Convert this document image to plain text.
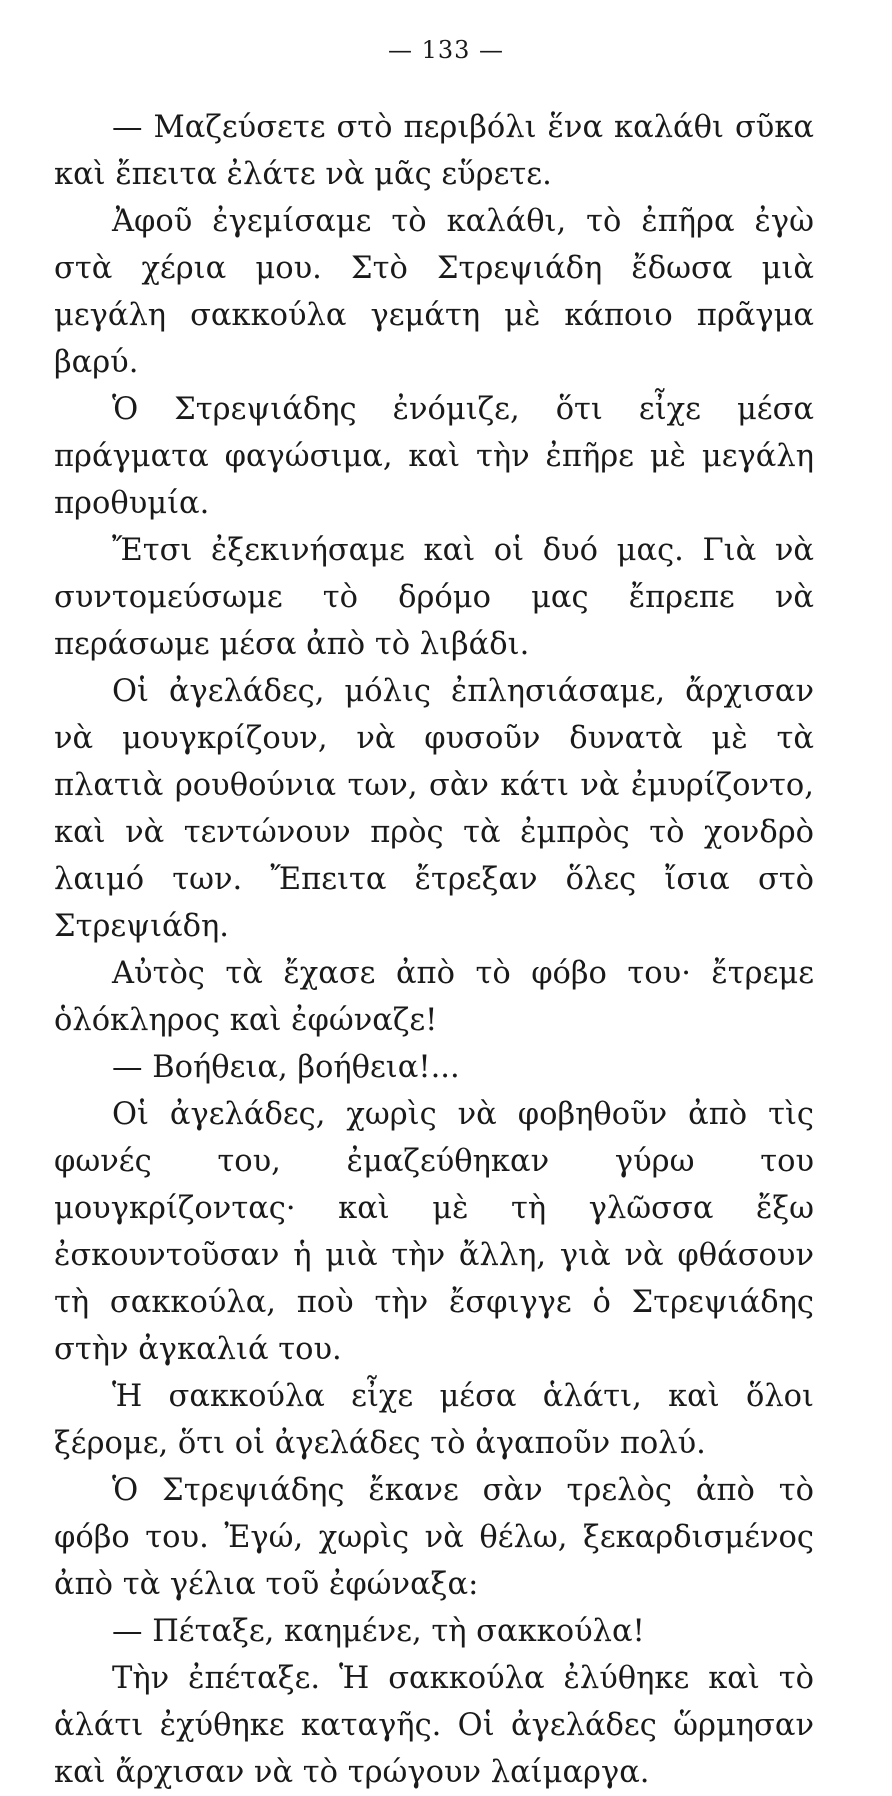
— 133 —

— Μαζεύσετε στὸ περιβόλι ἕνα καλάθι σῦκα καὶ ἔπειτα ἐλάτε νὰ μᾶς εὕρετε.

Ἀφοῦ ἐγεμίσαμε τὸ καλάθι, τὸ ἐπῆρα ἐγὼ στὰ χέρια μου. Στὸ Στρεψιάδη ἔδωσα μιὰ μεγάλη σακκούλα γεμάτη μὲ κάποιο πρᾶγμα βαρύ.

Ὁ Στρεψιάδης ἐνόμιζε, ὅτι εἶχε μέσα πράγματα φαγώσιμα, καὶ τὴν ἐπῆρε μὲ μεγάλη προθυμία.

Ἔτσι ἐξεκινήσαμε καὶ οἱ δυό μας. Γιὰ νὰ συντομεύσωμε τὸ δρόμο μας ἔπρεπε νὰ περάσωμε μέσα ἀπὸ τὸ λιβάδι.

Οἱ ἀγελάδες, μόλις ἐπλησιάσαμε, ἄρχισαν νὰ μουγκρίζουν, νὰ φυσοῦν δυνατὰ μὲ τὰ πλατιὰ ρουθούνια των, σὰν κάτι νὰ ἐμυρίζοντο, καὶ νὰ τεντώνουν πρὸς τὰ ἐμπρὸς τὸ χονδρὸ λαιμό των. Ἔπειτα ἔτρεξαν ὅλες ἴσια στὸ Στρεψιάδη.

Αὐτὸς τὰ ἔχασε ἀπὸ τὸ φόβο του· ἔτρεμε ὁλόκληρος καὶ ἐφώναζε!

— Βοήθεια, βοήθεια!...

Οἱ ἀγελάδες, χωρὶς νὰ φοβηθοῦν ἀπὸ τὶς φωνές του, ἐμαζεύθηκαν γύρω του μουγκρίζοντας· καὶ μὲ τὴ γλῶσσα ἔξω ἐσκουντοῦσαν ἡ μιὰ τὴν ἄλλη, γιὰ νὰ φθάσουν τὴ σακκούλα, ποὺ τὴν ἔσφιγγε ὁ Στρεψιάδης στὴν ἀγκαλιά του.

Ἡ σακκούλα εἶχε μέσα ἁλάτι, καὶ ὅλοι ξέρομε, ὅτι οἱ ἀγελάδες τὸ ἀγαποῦν πολύ.

Ὁ Στρεψιάδης ἔκανε σὰν τρελὸς ἀπὸ τὸ φόβο του. Ἐγώ, χωρὶς νὰ θέλω, ξεκαρδισμένος ἀπὸ τὰ γέλια τοῦ ἐφώναξα:

— Πέταξε, καημένε, τὴ σακκούλα!

Τὴν ἐπέταξε. Ἡ σακκούλα ἐλύθηκε καὶ τὸ ἁλάτι ἐχύθηκε καταγῆς. Οἱ ἀγελάδες ὥρμησαν καὶ ἄρχισαν νὰ τὸ τρώγουν λαίμαργα.
